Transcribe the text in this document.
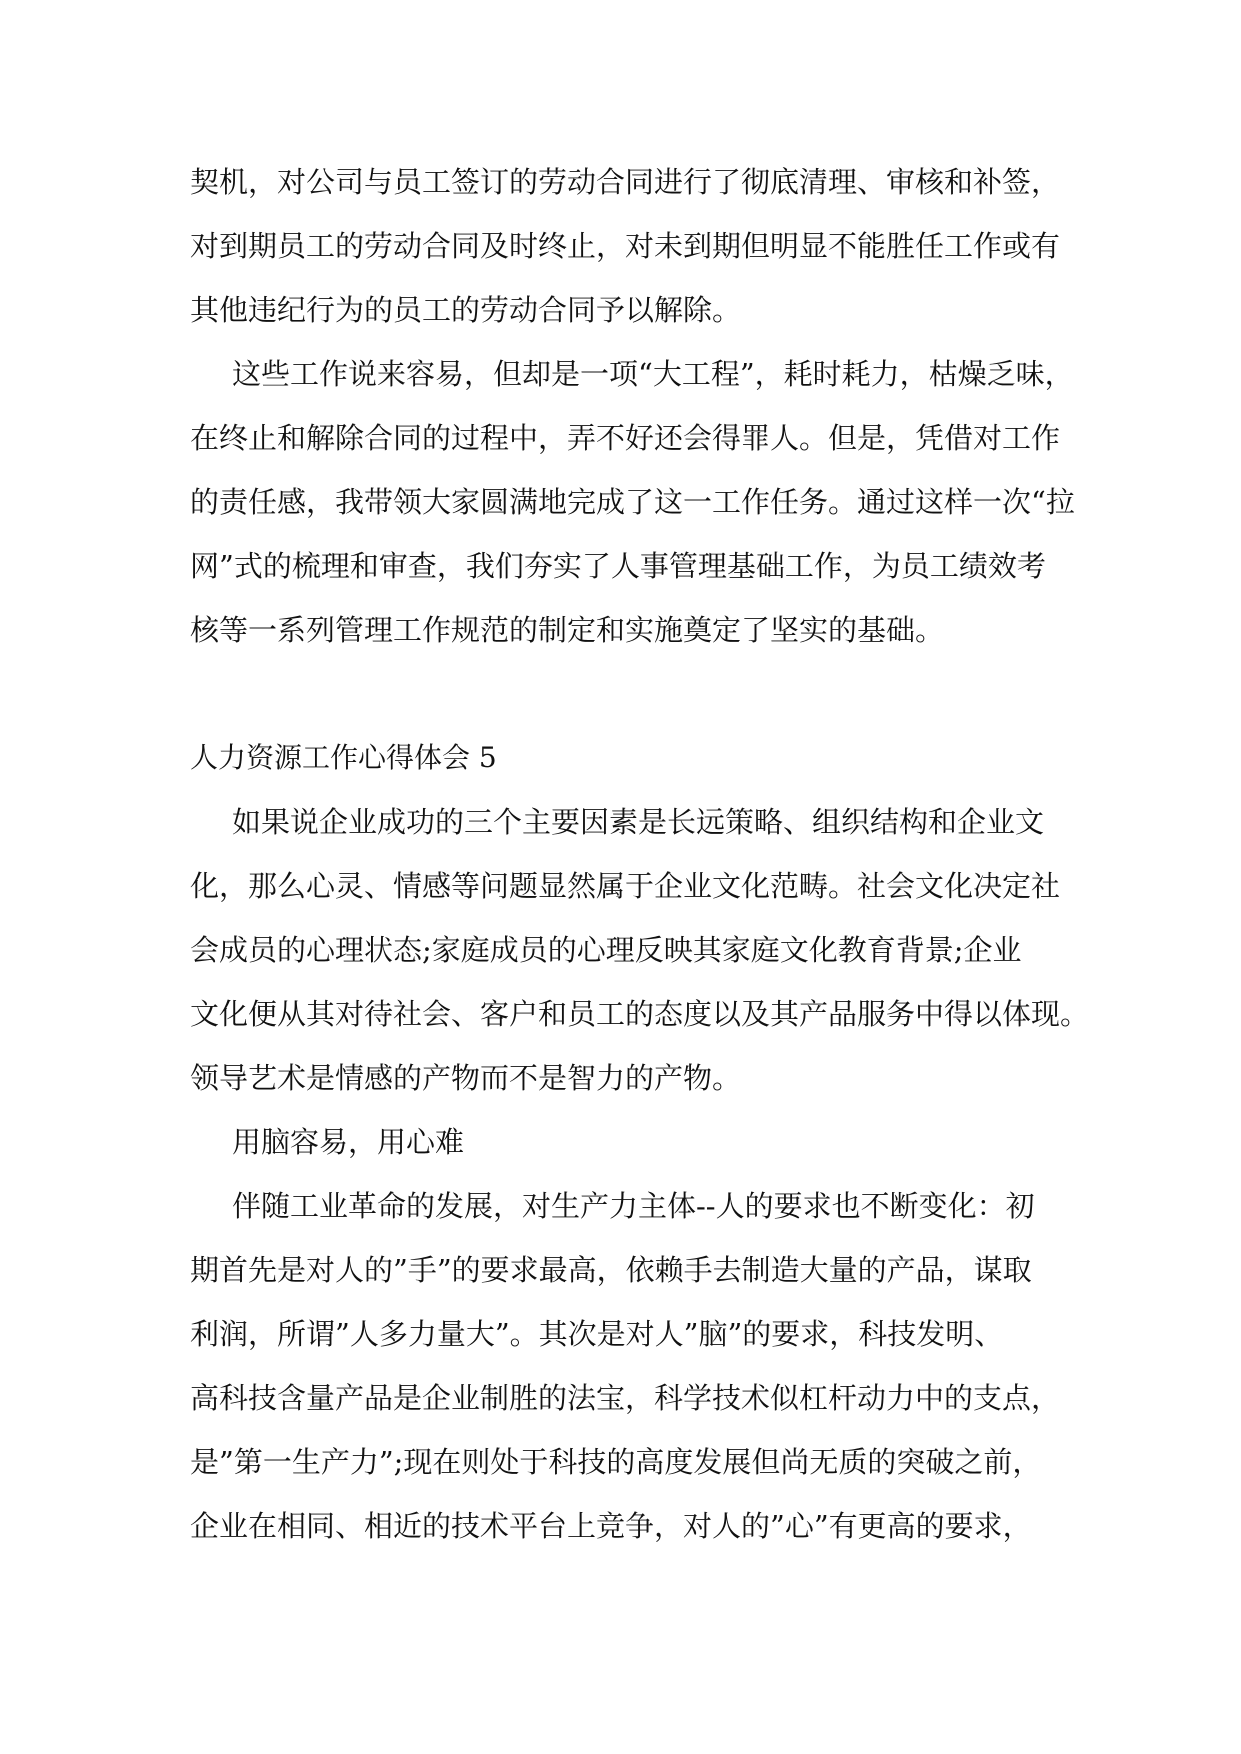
契机，对公司与员工签订的劳动合同进行了彻底清理、审核和补签，
对到期员工的劳动合同及时终止，对未到期但明显不能胜任工作或有
其他违纪行为的员工的劳动合同予以解除。
这些工作说来容易，但却是一项“大工程”，耗时耗力，枯燥乏味，
在终止和解除合同的过程中，弄不好还会得罪人。但是，凭借对工作
的责任感，我带领大家圆满地完成了这一工作任务。通过这样一次“拉
网”式的梳理和审查，我们夯实了人事管理基础工作，为员工绩效考
核等一系列管理工作规范的制定和实施奠定了坚实的基础。
人力资源工作心得体会 5
如果说企业成功的三个主要因素是长远策略、组织结构和企业文
化，那么心灵、情感等问题显然属于企业文化范畴。社会文化决定社
会成员的心理状态;家庭成员的心理反映其家庭文化教育背景;企业
文化便从其对待社会、客户和员工的态度以及其产品服务中得以体现。
领导艺术是情感的产物而不是智力的产物。
用脑容易，用心难
伴随工业革命的发展，对生产力主体--人的要求也不断变化：初
期首先是对人的”手”的要求最高，依赖手去制造大量的产品，谋取
利润，所谓”人多力量大”。其次是对人”脑”的要求，科技发明、
高科技含量产品是企业制胜的法宝，科学技术似杠杆动力中的支点，
是”第一生产力”;现在则处于科技的高度发展但尚无质的突破之前，
企业在相同、相近的技术平台上竞争，对人的”心”有更高的要求，
